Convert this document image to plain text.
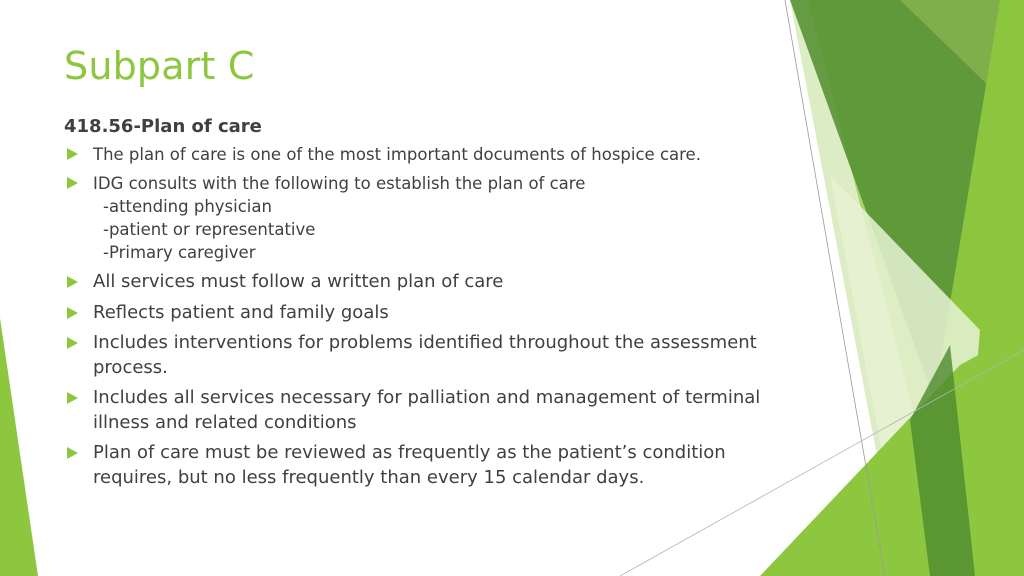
Subpart C
418.56-Plan of care
The plan of care is one of the most important documents of hospice care.
IDG consults with the following to establish the plan of care
-attending physician
-patient or representative
-Primary caregiver
All services must follow a written plan of care
Reflects patient and family goals
Includes interventions for problems identified throughout the assessment process.
Includes all services necessary for palliation and management of terminal illness and related conditions
Plan of care must be reviewed as frequently as the patient’s condition requires, but no less frequently than every 15 calendar days.
